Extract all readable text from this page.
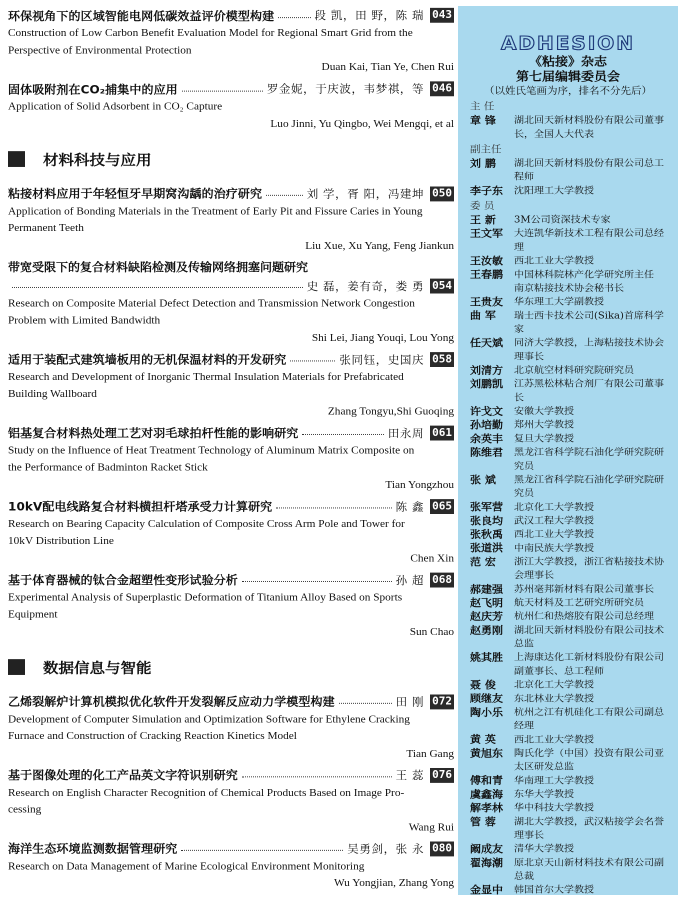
环保视角下的区域智能电网低碳效益评价模型构建	段 凯，田 野，陈 瑞 043
Construction of Low Carbon Benefit Evaluation Model for Regional Smart Grid from the
Perspective of Environmental Protection
Duan Kai, Tian Ye, Chen Rui
固体吸附剂在CO₂捕集中的应用	罗金妮，于庆波，韦梦祺，等 046
Application of Solid Adsorbent in CO₂ Capture
Luo Jinni, Yu Qingbo, Wei Mengqi, et al
材料科技与应用
粘接材料应用于年轻恒牙早期窝沟龋的治疗研究	刘 学，胥 阳，冯建坤 050
Application of Bonding Materials in the Treatment of Early Pit and Fissure Caries in Young
Permanent Teeth
Liu Xue, Xu Yang, Feng Jiankun
带宽受限下的复合材料缺陷检测及传输网络拥塞问题研究
史 磊，姜有奇，娄 勇 054
Research on Composite Material Defect Detection and Transmission Network Congestion
Problem with Limited Bandwidth
Shi Lei, Jiang Youqi, Lou Yong
适用于装配式建筑墙板用的无机保温材料的开发研究	张同钰，史国庆 058
Research and Development of Inorganic Thermal Insulation Materials for Prefabricated
Building Wallboard
Zhang Tongyu,Shi Guoqing
铝基复合材料热处理工艺对羽毛球拍杆性能的影响研究	田永周 061
Study on the Influence of Heat Treatment Technology of Aluminum Matrix Composite on
the Performance of Badminton Racket Stick
Tian Yongzhou
10kV配电线路复合材料横担杆塔承受力计算研究	陈 鑫 065
Research on Bearing Capacity Calculation of Composite Cross Arm Pole and Tower for
10kV Distribution Line
Chen Xin
基于体育器械的钛合金超塑性变形试验分析	孙 超 068
Experimental Analysis of Superplastic Deformation of Titanium Alloy Based on Sports
Equipment
Sun Chao
数据信息与智能
乙烯裂解炉计算机模拟优化软件开发裂解反应动力学模型构建	田 刚 072
Development of Computer Simulation and Optimization Software for Ethylene Cracking
Furnace and Construction of Cracking Reaction Kinetics Model
Tian Gang
基于图像处理的化工产品英文字符识别研究	王 蕊 076
Research on English Character Recognition of Chemical Products Based on Image Pro-
cessing
Wang Rui
海洋生态环境监测数据管理研究	吴勇剑，张 永 080
Research on Data Management of Marine Ecological Environment Monitoring
Wu Yongjian, Zhang Yong
ADHESION
《粘接》杂志
第七届编辑委员会
（以姓氏笔画为序，排名不分先后）
主 任
章 锋	湖北回天新材料股份有限公司董事长，全国人大代表
副主任
刘 鹏	湖北回天新材料股份有限公司总工程师
李子东	沈阳理工大学教授
委 员
王 新	3M公司资深技术专家
王文军	大连凯华新技术工程有限公司总经理
王汝敏	西北工业大学教授
王春鹏	中国林科院林产化学研究所主任 南京粘接技术协会秘书长
王贵友	华东理工大学副教授
曲 军	瑞士西卡技术公司(Sika)首席科学家
任天斌	同济大学教授，上海粘接技术协会理事长
刘清方	北京航空材料研究院研究员
刘鹏凯	江苏黑松林粘合剂厂有限公司董事长
许戈文	安徽大学教授
孙培勤	郑州大学教授
余英丰	复旦大学教授
陈维君	黑龙江省科学院石油化学研究院研究员
张 斌	黑龙江省科学院石油化学研究院研究员
张军营	北京化工大学教授
张良均	武汉工程大学教授
张秋禹	西北工业大学教授
张道洪	中南民族大学教授
范 宏	浙江大学教授，浙江省粘接技术协会理事长
郝建强	苏州毫邦新材料有限公司董事长
赵飞明	航天材料及工艺研究所研究员
赵庆芳	杭州仁和热熔胶有限公司总经理
赵勇刚	湖北回天新材料股份有限公司技术总监
姚其胜	上海康达化工新材料股份有限公司副董事长、总工程师
聂 俊	北京化工大学教授
顾继友	东北林业大学教授
陶小乐	杭州之江有机硅化工有限公司副总经理
黄 英	西北工业大学教授
黄旭东	陶氏化学（中国）投资有限公司亚太区研发总监
傅和青	华南理工大学教授
虞鑫海	东华大学教授
解孝林	华中科技大学教授
管 蓉	湖北大学教授，武汉粘接学会名誉理事长
阚成友	清华大学教授
翟海潮	原北京天山新材料技术有限公司副总裁
金显中	韩国首尔大学教授
